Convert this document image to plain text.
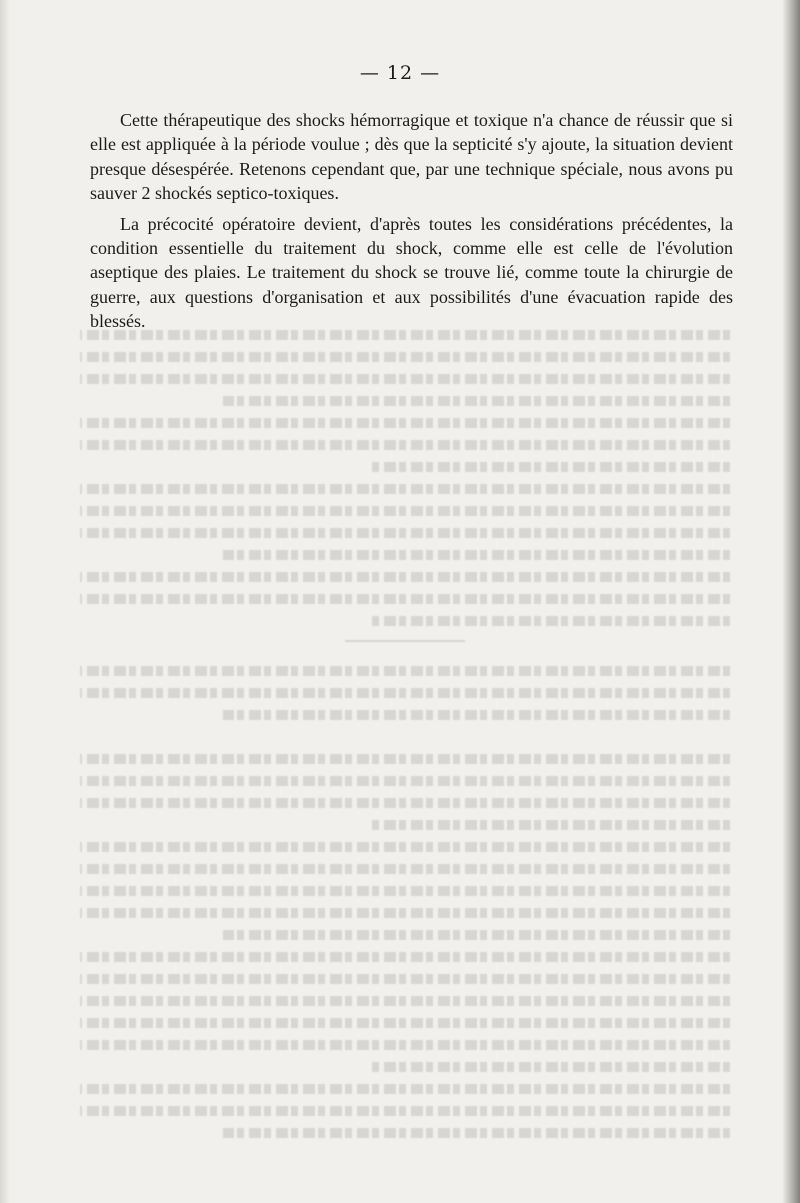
— 12 —

Cette thérapeutique des shocks hémorragique et toxique n'a chance de réussir que si elle est appliquée à la période voulue ; dès que la septicité s'y ajoute, la situation devient presque désespérée. Retenons cependant que, par une technique spéciale, nous avons pu sauver 2 shockés septico-toxiques.

La précocité opératoire devient, d'après toutes les considérations précédentes, la condition essentielle du traitement du shock, comme elle est celle de l'évolution aseptique des plaies. Le traitement du shock se trouve lié, comme toute la chirurgie de guerre, aux questions d'organisation et aux possibilités d'une évacuation rapide des blessés.
